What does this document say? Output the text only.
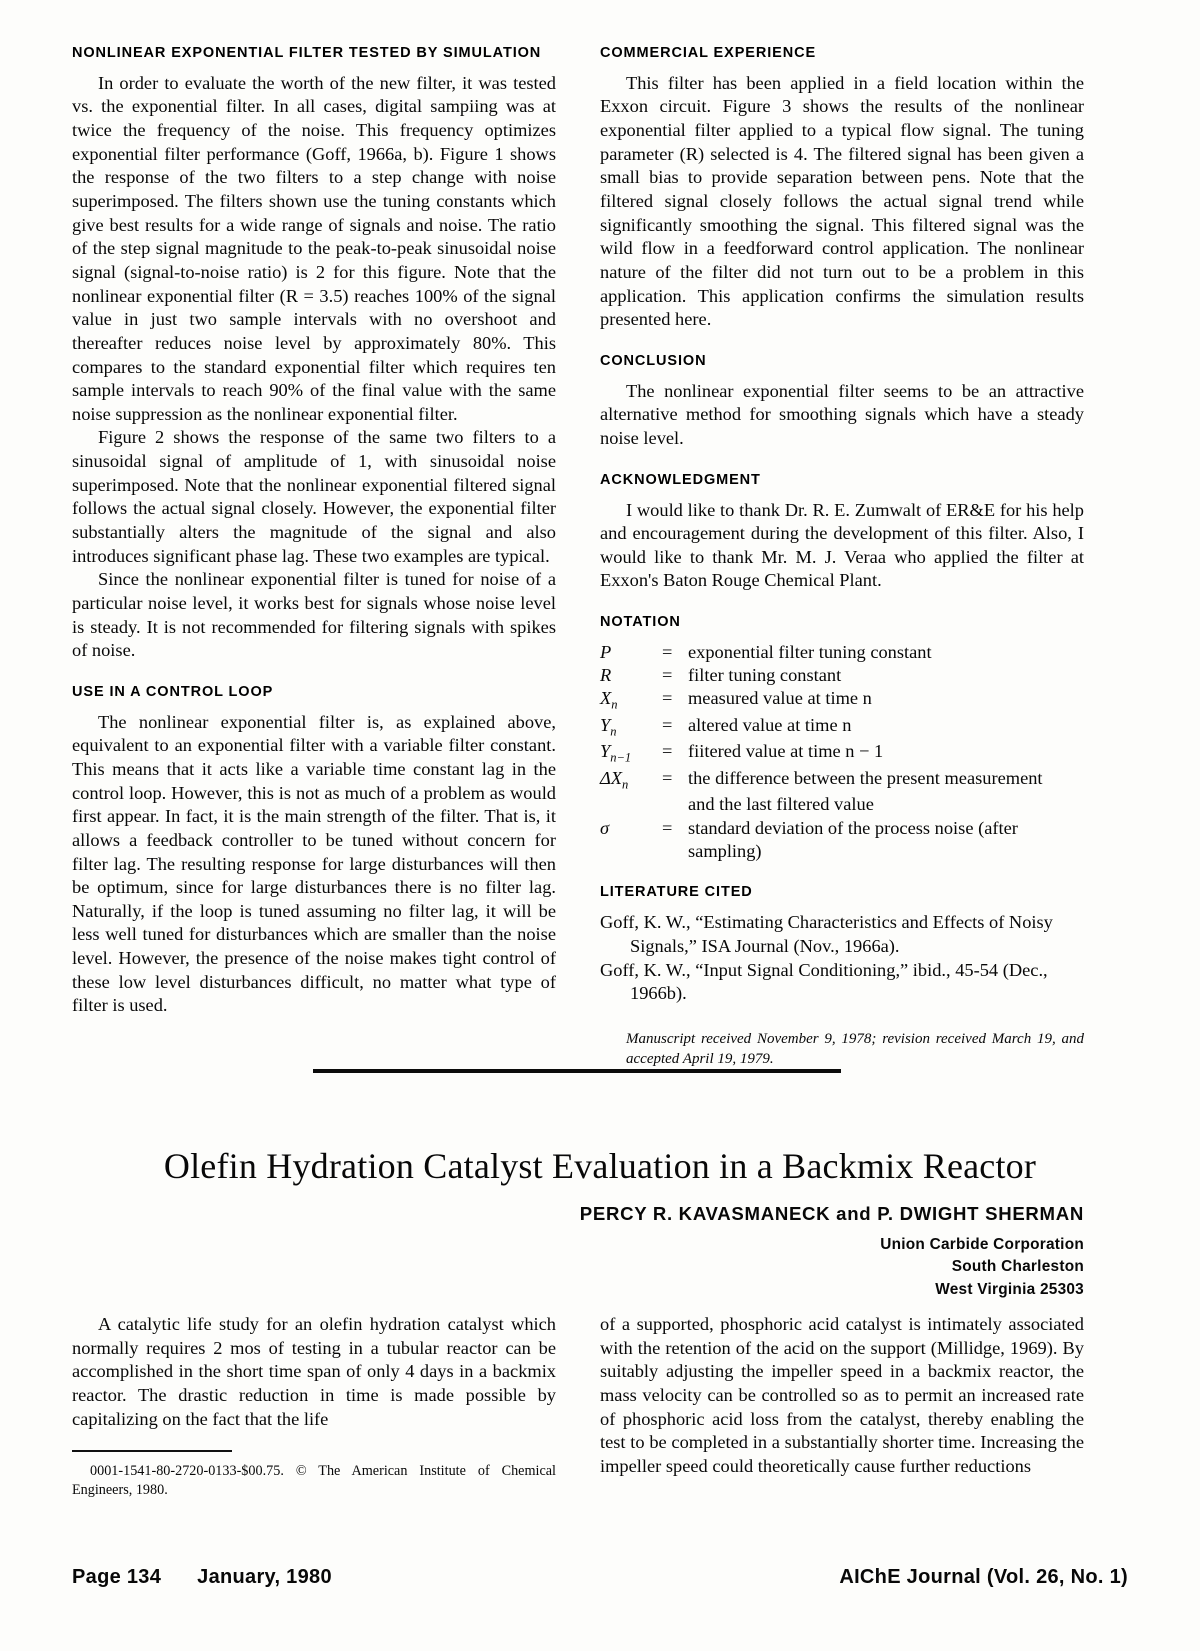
NONLINEAR EXPONENTIAL FILTER TESTED BY SIMULATION

In order to evaluate the worth of the new filter, it was tested vs. the exponential filter. In all cases, digital sampiing was at twice the frequency of the noise. This frequency optimizes exponential filter performance (Goff, 1966a, b). Figure 1 shows the response of the two filters to a step change with noise superimposed. The filters shown use the tuning constants which give best results for a wide range of signals and noise. The ratio of the step signal magnitude to the peak-to-peak sinusoidal noise signal (signal-to-noise ratio) is 2 for this figure. Note that the nonlinear exponential filter (R = 3.5) reaches 100% of the signal value in just two sample intervals with no overshoot and thereafter reduces noise level by approximately 80%. This compares to the standard exponential filter which requires ten sample intervals to reach 90% of the final value with the same noise suppression as the nonlinear exponential filter.

Figure 2 shows the response of the same two filters to a sinusoidal signal of amplitude of 1, with sinusoidal noise superimposed. Note that the nonlinear exponential filtered signal follows the actual signal closely. However, the exponential filter substantially alters the magnitude of the signal and also introduces significant phase lag. These two examples are typical.

Since the nonlinear exponential filter is tuned for noise of a particular noise level, it works best for signals whose noise level is steady. It is not recommended for filtering signals with spikes of noise.

USE IN A CONTROL LOOP

The nonlinear exponential filter is, as explained above, equivalent to an exponential filter with a variable filter constant. This means that it acts like a variable time constant lag in the control loop. However, this is not as much of a problem as would first appear. In fact, it is the main strength of the filter. That is, it allows a feedback controller to be tuned without concern for filter lag. The resulting response for large disturbances will then be optimum, since for large disturbances there is no filter lag. Naturally, if the loop is tuned assuming no filter lag, it will be less well tuned for disturbances which are smaller than the noise level. However, the presence of the noise makes tight control of these low level disturbances difficult, no matter what type of filter is used.

COMMERCIAL EXPERIENCE

This filter has been applied in a field location within the Exxon circuit. Figure 3 shows the results of the nonlinear exponential filter applied to a typical flow signal. The tuning parameter (R) selected is 4. The filtered signal has been given a small bias to provide separation between pens. Note that the filtered signal closely follows the actual signal trend while significantly smoothing the signal. This filtered signal was the wild flow in a feedforward control application. The nonlinear nature of the filter did not turn out to be a problem in this application. This application confirms the simulation results presented here.

CONCLUSION

The nonlinear exponential filter seems to be an attractive alternative method for smoothing signals which have a steady noise level.

ACKNOWLEDGMENT

I would like to thank Dr. R. E. Zumwalt of ER&E for his help and encouragement during the development of this filter. Also, I would like to thank Mr. M. J. Veraa who applied the filter at Exxon's Baton Rouge Chemical Plant.

NOTATION
P	= exponential filter tuning constant
R	= filter tuning constant
$X_n$	= measured value at time n
$Y_n$	= altered value at time n
$Y_{n-1}$	= fiitered value at time n − 1
$\Delta X_n$	= the difference between the present measurement
and the last filtered value
σ	= standard deviation of the process noise (after
sampling)
LITERATURE CITED

Goff, K. W., “Estimating Characteristics and Effects of Noisy Signals,” ISA Journal (Nov., 1966a).

Goff, K. W., “Input Signal Conditioning,” ibid., 45-54 (Dec., 1966b).

Manuscript received November 9, 1978; revision received March 19, and accepted April 19, 1979.

Olefin Hydration Catalyst Evaluation in a Backmix Reactor
PERCY R. KAVASMANECK and P. DWIGHT SHERMAN
Union Carbide Corporation
South Charleston
West Virginia 25303

A catalytic life study for an olefin hydration catalyst which normally requires 2 mos of testing in a tubular reactor can be accomplished in the short time span of only 4 days in a backmix reactor. The drastic reduction in time is made possible by capitalizing on the fact that the life

0001-1541-80-2720-0133-$00.75. © The American Institute of Chemical Engineers, 1980.

of a supported, phosphoric acid catalyst is intimately associated with the retention of the acid on the support (Millidge, 1969). By suitably adjusting the impeller speed in a backmix reactor, the mass velocity can be controlled so as to permit an increased rate of phosphoric acid loss from the catalyst, thereby enabling the test to be completed in a substantially shorter time. Increasing the impeller speed could theoretically cause further reductions

Page 134 January, 1980	AIChE Journal (Vol. 26, No. 1)
